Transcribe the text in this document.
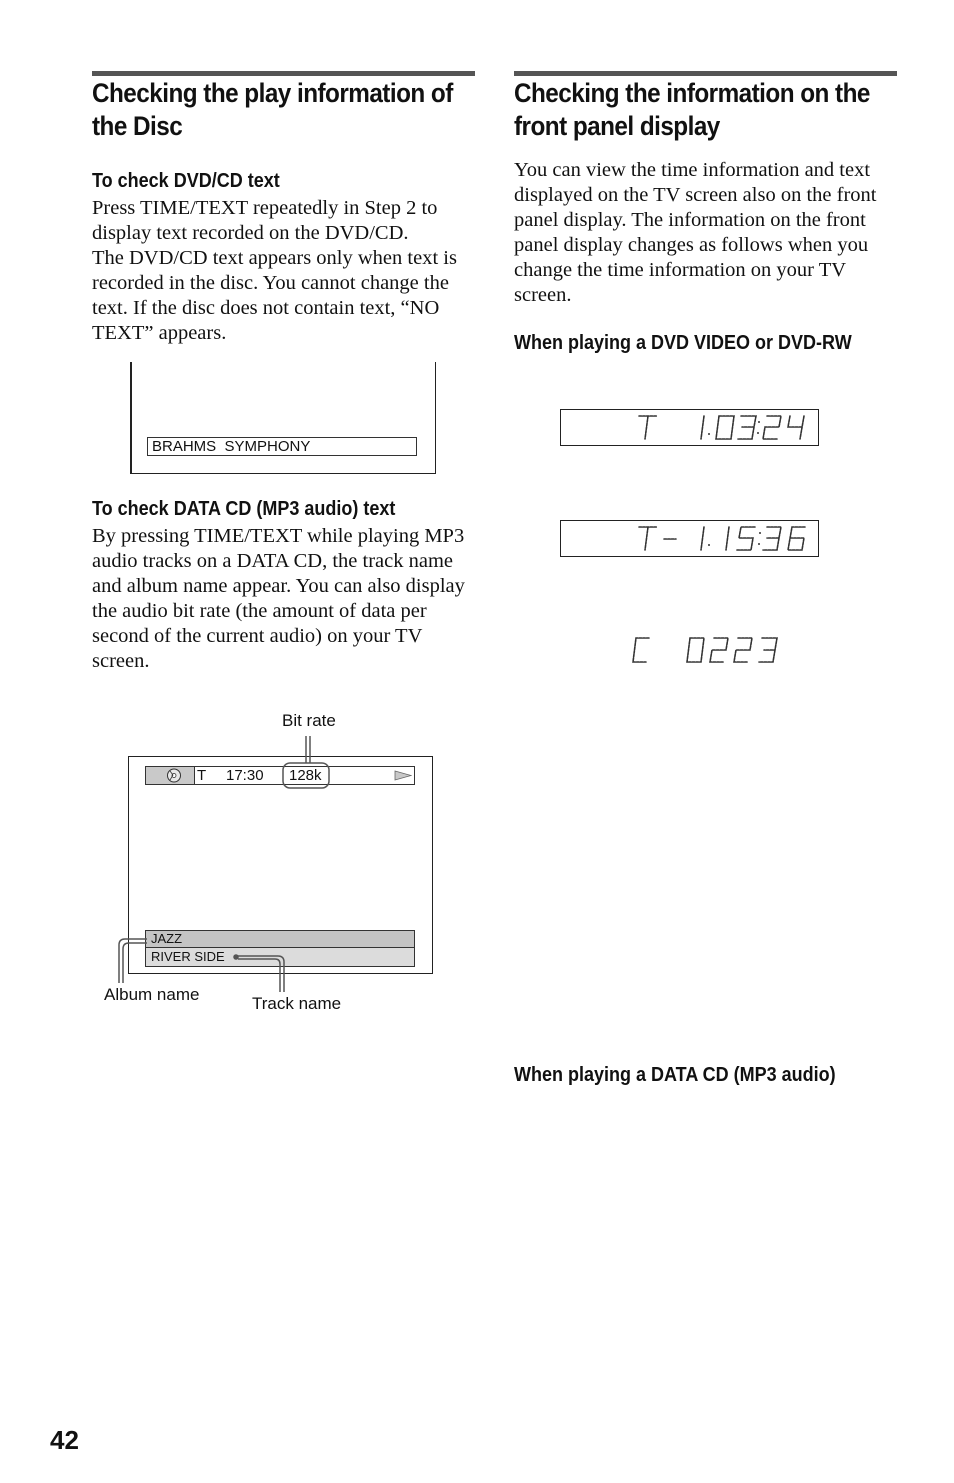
Checking the play information of
the Disc
To check DVD/CD text
Press TIME/TEXT repeatedly in Step 2 to
display text recorded on the DVD/CD.
The DVD/CD text appears only when text is
recorded in the disc. You cannot change the
text. If the disc does not contain text, “NO
TEXT” appears.
BRAHMS  SYMPHONY
To check DATA CD (MP3 audio) text
By pressing TIME/TEXT while playing MP3
audio tracks on a DATA CD, the track name
and album name appear. You can also display
the audio bit rate (the amount of data per
second of the current audio) on your TV
screen.
Bit rate
T 17:30 128k
JAZZ
RIVER SIDE
Album name	Track name
Checking the information on the
front panel display
You can view the time information and text
displayed on the TV screen also on the front
panel display. The information on the front
panel display changes as follows when you
change the time information on your TV
screen.
When playing a DVD VIDEO or DVD-RW
When playing a DATA CD (MP3 audio)
42
